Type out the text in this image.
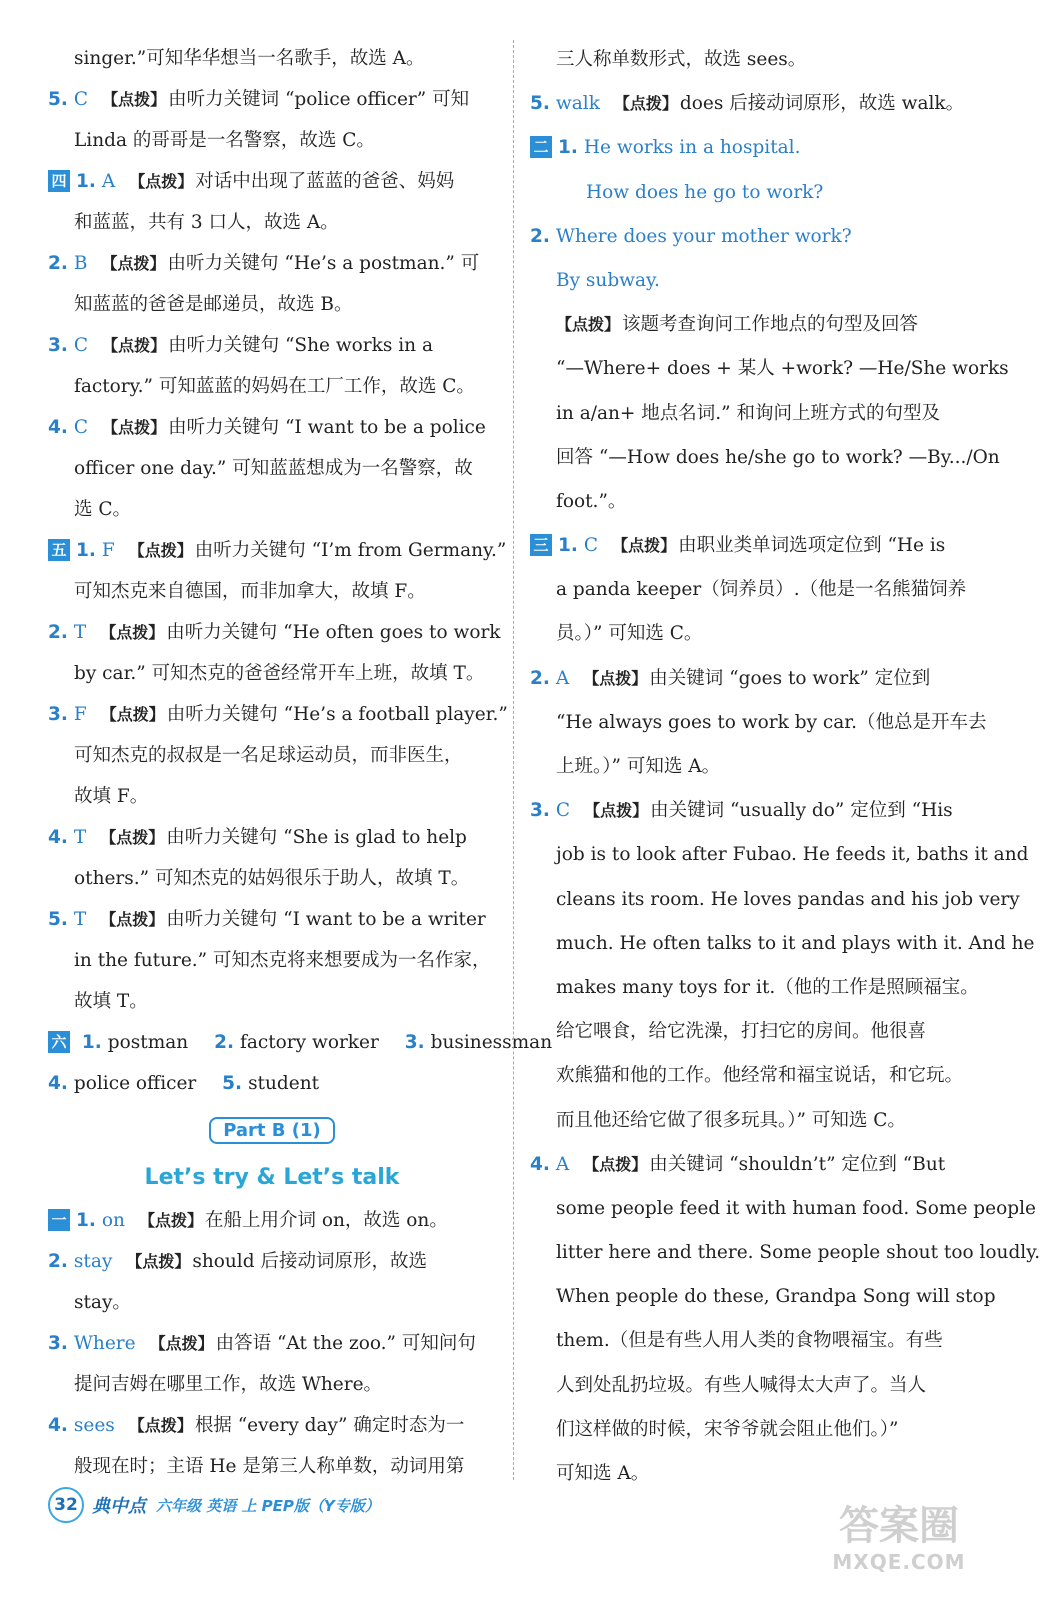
singer.”可知华华想当一名歌手，故选 A。
5. C 【点拨】 由听力关键词 “police officer” 可知
Linda 的哥哥是一名警察，故选 C。
四 1. A 【点拨】 对话中出现了蓝蓝的爸爸、妈妈
和蓝蓝，共有 3 口人，故选 A。
2. B 【点拨】 由听力关键句 “He’s a postman.” 可
知蓝蓝的爸爸是邮递员，故选 B。
3. C 【点拨】 由听力关键句 “She works in a
factory.” 可知蓝蓝的妈妈在工厂工作，故选 C。
4. C 【点拨】 由听力关键句 “I want to be a police
officer one day.” 可知蓝蓝想成为一名警察，故
选 C。
五 1. F 【点拨】 由听力关键句 “I’m from Germany.”
可知杰克来自德国，而非加拿大，故填 F。
2. T 【点拨】 由听力关键句 “He often goes to work
by car.” 可知杰克的爸爸经常开车上班，故填 T。
3. F 【点拨】 由听力关键句 “He’s a football player.”
可知杰克的叔叔是一名足球运动员，而非医生，
故填 F。
4. T 【点拨】 由听力关键句 “She is glad to help
others.” 可知杰克的姑妈很乐于助人，故填 T。
5. T 【点拨】 由听力关键句 “I want to be a writer
in the future.” 可知杰克将来想要成为一名作家，
故填 T。
六 1. postman 2. factory worker 3. businessman
4. police officer 5. student
Part B (1)
Let’s try & Let’s talk
一 1. on 【点拨】 在船上用介词 on，故选 on。
2. stay 【点拨】 should 后接动词原形，故选
stay。
3. Where 【点拨】 由答语 “At the zoo.” 可知问句
提问吉姆在哪里工作，故选 Where。
4. sees 【点拨】 根据 “every day” 确定时态为一
般现在时；主语 He 是第三人称单数，动词用第
三人称单数形式，故选 sees。
5. walk 【点拨】 does 后接动词原形，故选 walk。
二 1. He works in a hospital.
How does he go to work?
2. Where does your mother work?
By subway.
【点拨】 该题考查询问工作地点的句型及回答
“—Where+ does + 某人 +work? —He/She works
in a/an+ 地点名词.” 和询问上班方式的句型及
回答 “—How does he/she go to work? —By.../On
foot.”。
三 1. C 【点拨】 由职业类单词选项定位到 “He is
a panda keeper（饲养员）.（他是一名熊猫饲养
员。）” 可知选 C。
2. A 【点拨】 由关键词 “goes to work” 定位到
“He always goes to work by car.（他总是开车去
上班。）” 可知选 A。
3. C 【点拨】 由关键词 “usually do” 定位到 “His
job is to look after Fubao. He feeds it, baths it and
cleans its room. He loves pandas and his job very
much. He often talks to it and plays with it. And he
makes many toys for it.（他的工作是照顾福宝。
给它喂食，给它洗澡，打扫它的房间。他很喜
欢熊猫和他的工作。他经常和福宝说话，和它玩。
而且他还给它做了很多玩具。）” 可知选 C。
4. A 【点拨】 由关键词 “shouldn’t” 定位到 “But
some people feed it with human food. Some people
litter here and there. Some people shout too loudly.
When people do these, Grandpa Song will stop
them.（但是有些人用人类的食物喂福宝。有些
人到处乱扔垃圾。有些人喊得太大声了。当人
们这样做的时候，宋爷爷就会阻止他们。）”
可知选 A。
32 典中点 六年级 英语 上 PEP版（Y专版）	答案圈
MXQE.COM
